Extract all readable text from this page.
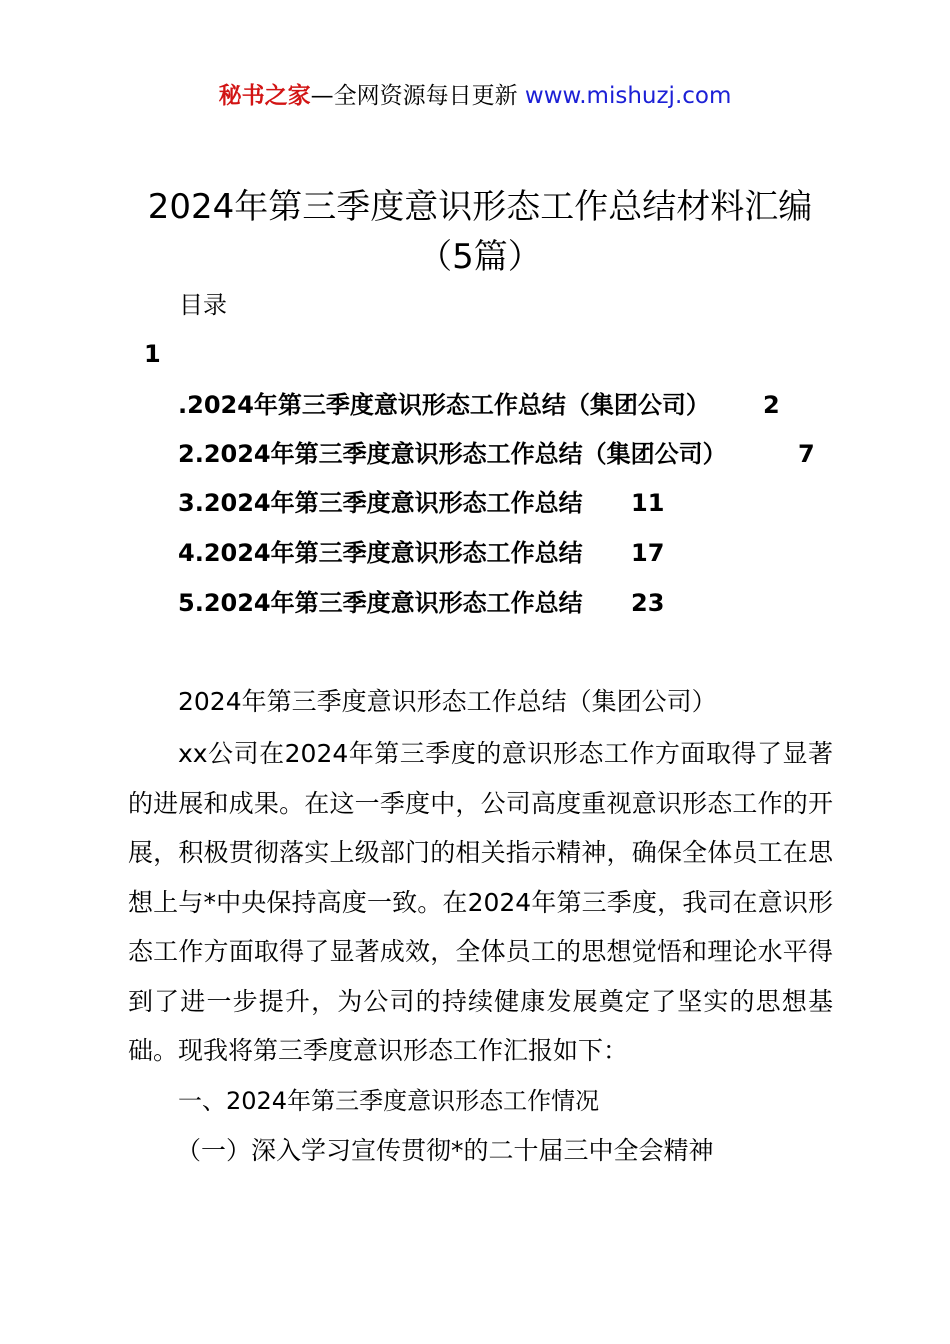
秘书之家—全网资源每日更新 www.mishuzj.com
2024年第三季度意识形态工作总结材料汇编（5篇）
目录
1
.2024年第三季度意识形态工作总结（集团公司） 2
2.2024年第三季度意识形态工作总结（集团公司）	7
3.2024年第三季度意识形态工作总结 11
4.2024年第三季度意识形态工作总结 17
5.2024年第三季度意识形态工作总结 23
2024年第三季度意识形态工作总结（集团公司）

xx公司在2024年第三季度的意识形态工作方面取得了显著的进展和成果。在这一季度中，公司高度重视意识形态工作的开展，积极贯彻落实上级部门的相关指示精神，确保全体员工在思想上与*中央保持高度一致。在2024年第三季度，我司在意识形态工作方面取得了显著成效，全体员工的思想觉悟和理论水平得到了进一步提升，为公司的持续健康发展奠定了坚实的思想基础。现我将第三季度意识形态工作汇报如下：

一、2024年第三季度意识形态工作情况
（一）深入学习宣传贯彻*的二十届三中全会精神
